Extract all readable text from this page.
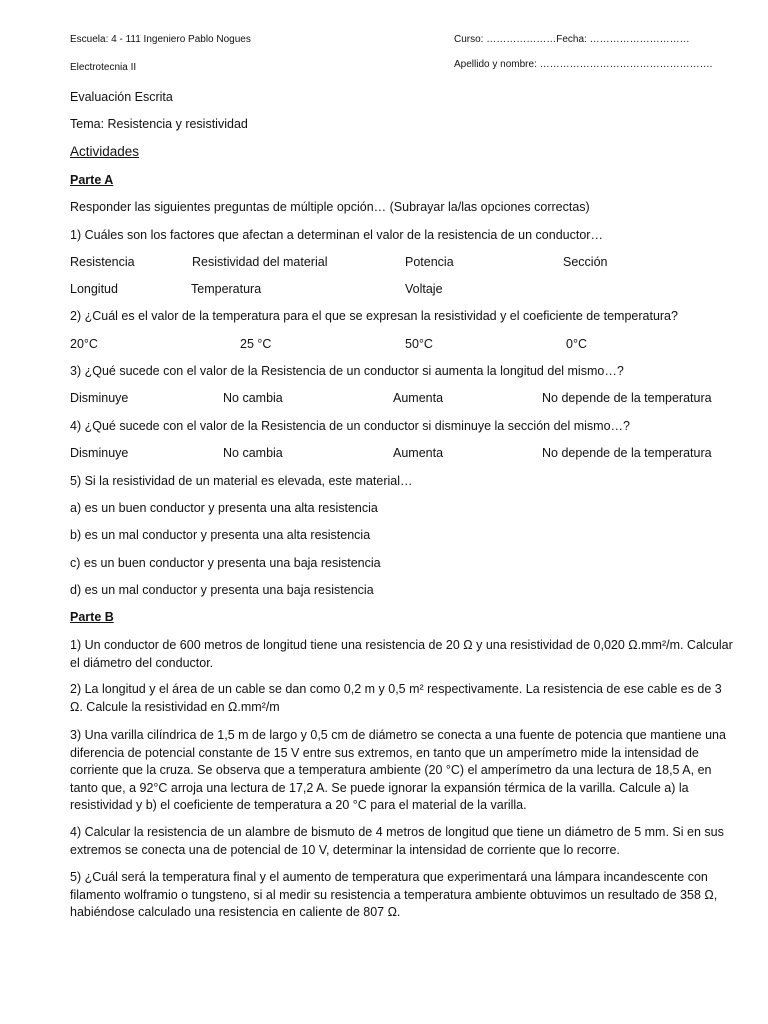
Escuela: 4 - 111 Ingeniero Pablo Nogues	Curso: …………………Fecha: …………………………
Electrotecnia II	Apellido y nombre: …………………………………………….
Evaluación Escrita
Tema: Resistencia y resistividad
Actividades
Parte A
Responder las siguientes preguntas de múltiple opción… (Subrayar la/las opciones correctas)
1) Cuáles son los factores que afectan a determinan el valor de la resistencia de un conductor…
Resistencia	Resistividad del material	Potencia	Sección
Longitud	Temperatura	Voltaje
2) ¿Cuál es el valor de la temperatura para el que se expresan la resistividad y el coeficiente de temperatura?
20°C	25 °C	50°C	0°C
3) ¿Qué sucede con el valor de la Resistencia de un conductor si aumenta la longitud del mismo…?
Disminuye	No cambia	Aumenta	No depende de la temperatura
4) ¿Qué sucede con el valor de la Resistencia de un conductor si disminuye la sección del mismo…?
Disminuye	No cambia	Aumenta	No depende de la temperatura
5) Si la resistividad de un material es elevada, este material…
a) es un buen conductor y presenta una alta resistencia
b) es un mal conductor y presenta una alta resistencia
c) es un buen conductor y presenta una baja resistencia
d) es un mal conductor y presenta una baja resistencia
Parte B
1) Un conductor de 600 metros de longitud tiene una resistencia de 20 Ω y una resistividad de 0,020 Ω.mm²/m. Calcular el diámetro del conductor.
2) La longitud y el área de un cable se dan como 0,2 m y 0,5 m² respectivamente. La resistencia de ese cable es de 3 Ω. Calcule la resistividad en Ω.mm²/m
3) Una varilla cilíndrica de 1,5 m de largo y 0,5 cm de diámetro se conecta a una fuente de potencia que mantiene una diferencia de potencial constante de 15 V entre sus extremos, en tanto que un amperímetro mide la intensidad de corriente que la cruza. Se observa que a temperatura ambiente (20 °C) el amperímetro da una lectura de 18,5 A, en tanto que, a 92°C arroja una lectura de 17,2 A. Se puede ignorar la expansión térmica de la varilla. Calcule a) la resistividad y b) el coeficiente de temperatura a 20 °C para el material de la varilla.
4) Calcular la resistencia de un alambre de bismuto de 4 metros de longitud que tiene un diámetro de 5 mm. Si en sus extremos se conecta una de potencial de 10 V, determinar la intensidad de corriente que lo recorre.
5) ¿Cuál será la temperatura final y el aumento de temperatura que experimentará una lámpara incandescente con filamento wolframio o tungsteno, si al medir su resistencia a temperatura ambiente obtuvimos un resultado de 358 Ω, habiéndose calculado una resistencia en caliente de 807 Ω.
